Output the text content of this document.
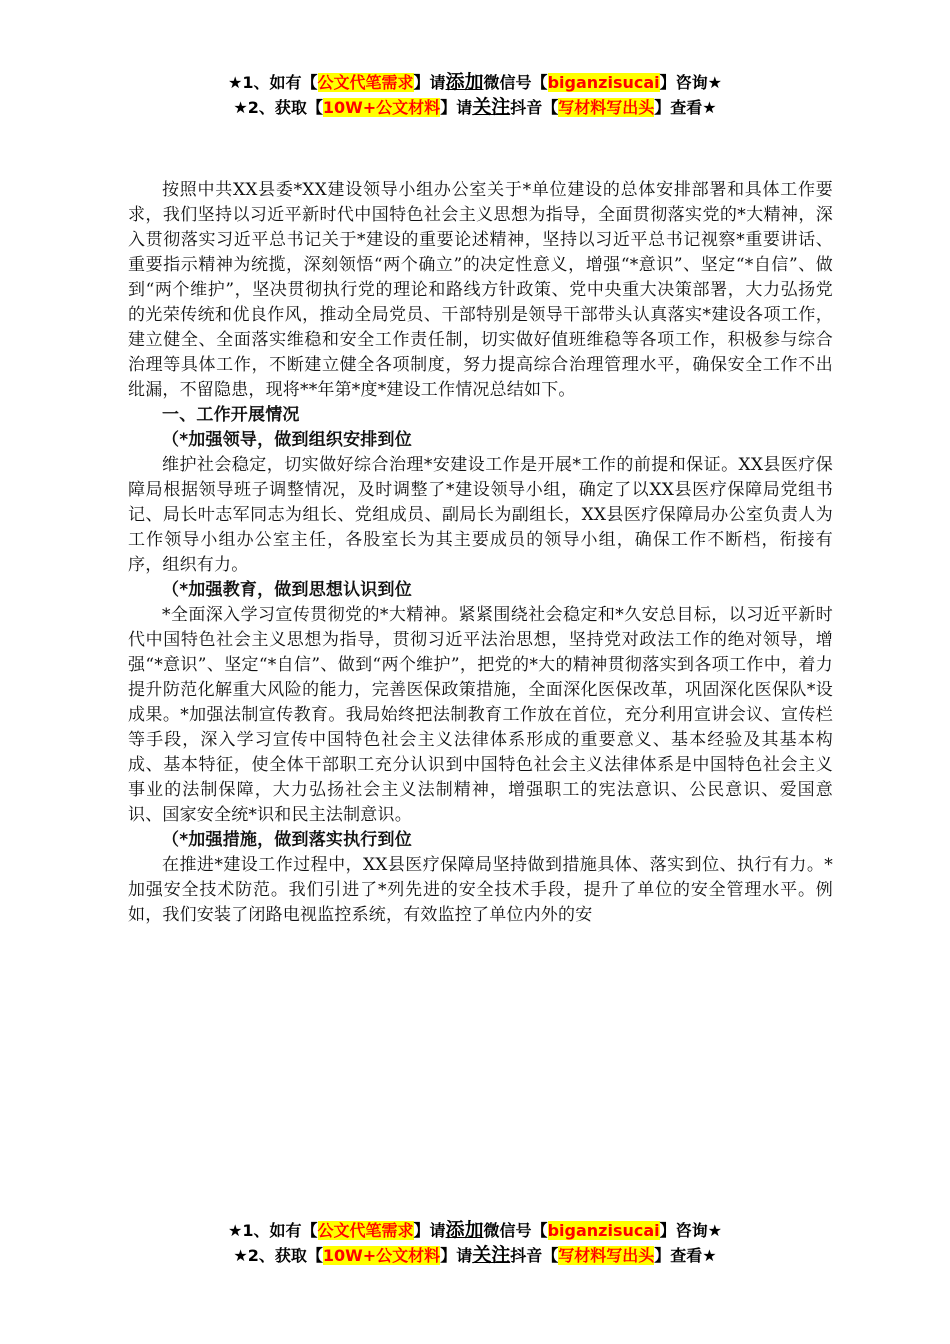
★1、如有【公文代笔需求】请添加微信号【biganzisucai】咨询★
★2、获取【10W+公文材料】请关注抖音【写材料写出头】查看★

按照中共XX县委*XX建设领导小组办公室关于*单位建设的总体安排部署和具体工作要求，我们坚持以习近平新时代中国特色社会主义思想为指导，全面贯彻落实党的*大精神，深入贯彻落实习近平总书记关于*建设的重要论述精神，坚持以习近平总书记视察*重要讲话、重要指示精神为统揽，深刻领悟“两个确立”的决定性意义，增强“*意识”、坚定“*自信”、做到“两个维护”，坚决贯彻执行党的理论和路线方针政策、党中央重大决策部署，大力弘扬党的光荣传统和优良作风，推动全局党员、干部特别是领导干部带头认真落实*建设各项工作，建立健全、全面落实维稳和安全工作责任制，切实做好值班维稳等各项工作，积极参与综合治理等具体工作，不断建立健全各项制度，努力提高综合治理管理水平，确保安全工作不出纰漏，不留隐患，现将**年第*度*建设工作情况总结如下。

一、工作开展情况

（*加强领导，做到组织安排到位

维护社会稳定，切实做好综合治理*安建设工作是开展*工作的前提和保证。XX县医疗保障局根据领导班子调整情况，及时调整了*建设领导小组，确定了以XX县医疗保障局党组书记、局长叶志军同志为组长、党组成员、副局长为副组长，XX县医疗保障局办公室负责人为工作领导小组办公室主任，各股室长为其主要成员的领导小组，确保工作不断档，衔接有序，组织有力。

（*加强教育，做到思想认识到位

*全面深入学习宣传贯彻党的*大精神。紧紧围绕社会稳定和*久安总目标，以习近平新时代中国特色社会主义思想为指导，贯彻习近平法治思想，坚持党对政法工作的绝对领导，增强“*意识”、坚定“*自信”、做到“两个维护”，把党的*大的精神贯彻落实到各项工作中，着力提升防范化解重大风险的能力，完善医保政策措施，全面深化医保改革，巩固深化医保队*设成果。*加强法制宣传教育。我局始终把法制教育工作放在首位，充分利用宣讲会议、宣传栏等手段，深入学习宣传中国特色社会主义法律体系形成的重要意义、基本经验及其基本构成、基本特征，使全体干部职工充分认识到中国特色社会主义法律体系是中国特色社会主义事业的法制保障，大力弘扬社会主义法制精神，增强职工的宪法意识、公民意识、爱国意识、国家安全统*识和民主法制意识。

（*加强措施，做到落实执行到位

在推进*建设工作过程中，XX县医疗保障局坚持做到措施具体、落实到位、执行有力。*加强安全技术防范。我们引进了*列先进的安全技术手段，提升了单位的安全管理水平。例如，我们安装了闭路电视监控系统，有效监控了单位内外的安

★1、如有【公文代笔需求】请添加微信号【biganzisucai】咨询★
★2、获取【10W+公文材料】请关注抖音【写材料写出头】查看★
